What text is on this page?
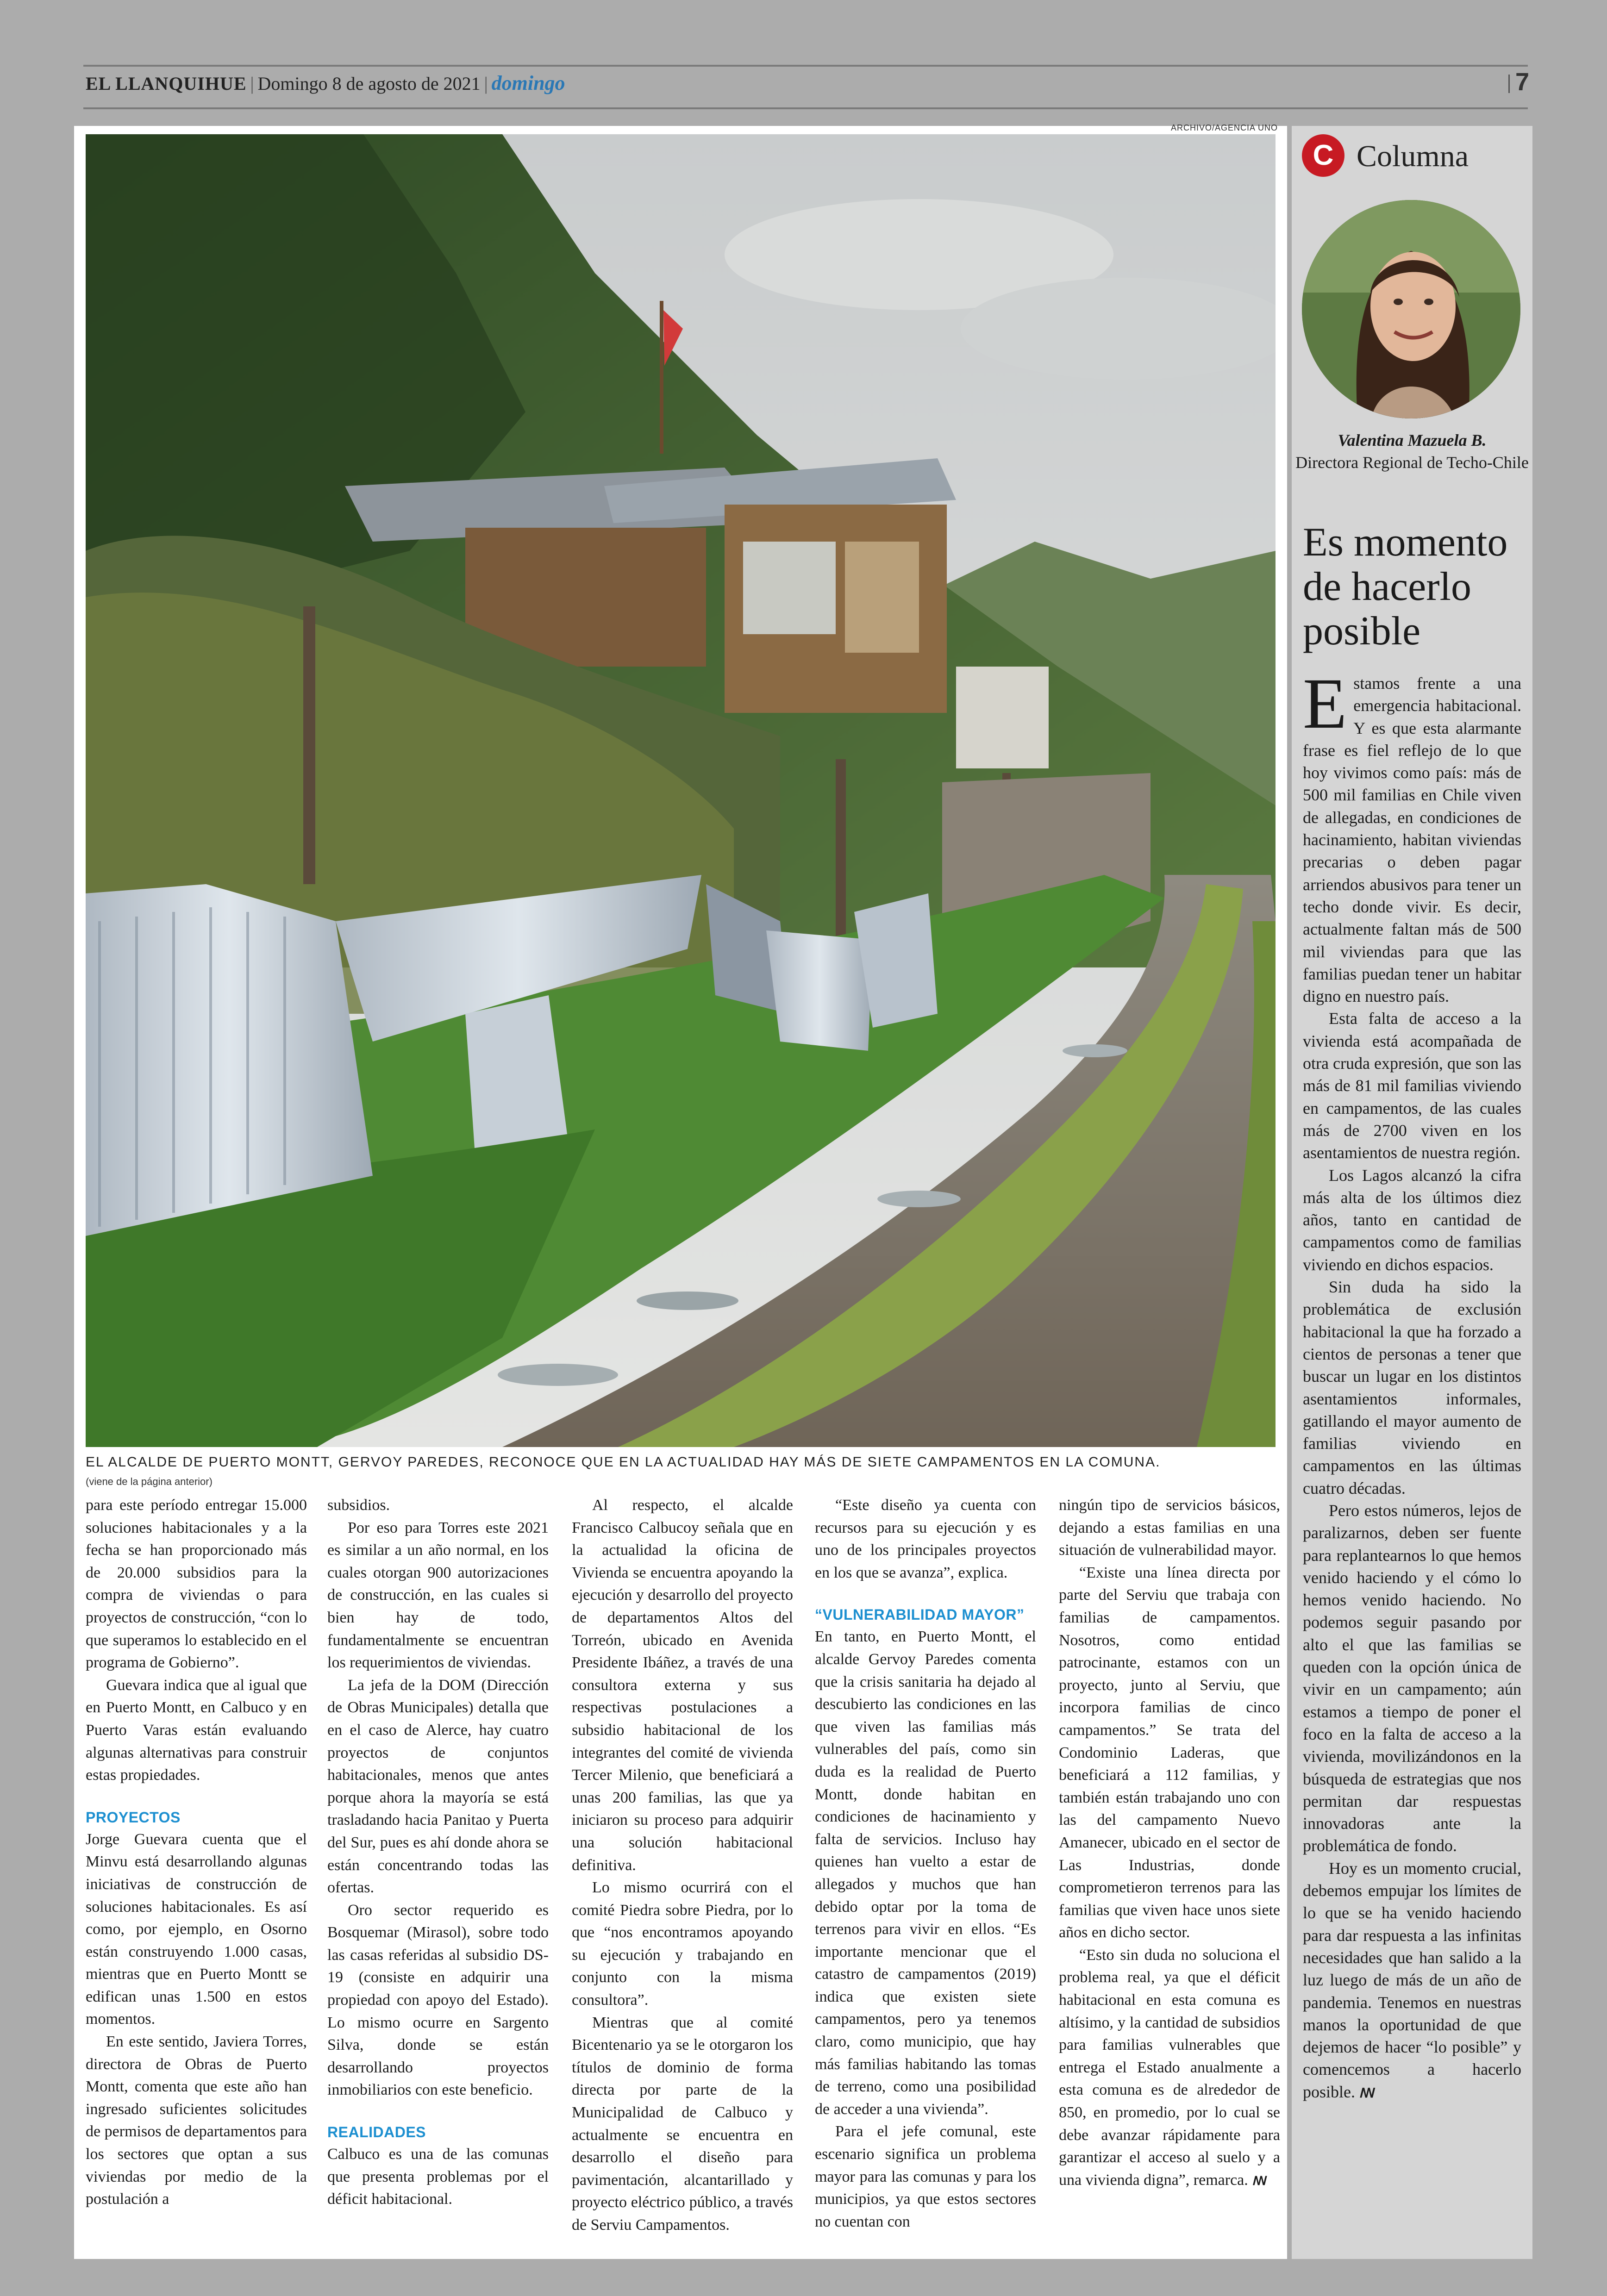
EL LLANQUIHUE | Domingo 8 de agosto de 2021 | domingo	7
ARCHIVO/AGENCIA UNO
EL ALCALDE DE PUERTO MONTT, GERVOY PAREDES, RECONOCE QUE EN LA ACTUALIDAD HAY MÁS DE SIETE CAMPAMENTOS EN LA COMUNA.
(viene de la página anterior)

para este período entregar 15.000 soluciones habitacionales y a la fecha se han proporcionado más de 20.000 subsidios para la compra de viviendas o para proyectos de construcción, “con lo que superamos lo establecido en el programa de Gobierno”.

Guevara indica que al igual que en Puerto Montt, en Calbuco y en Puerto Varas están evaluando algunas alternativas para construir estas propiedades.

PROYECTOS

Jorge Guevara cuenta que el Minvu está desarrollando algunas iniciativas de construcción de soluciones habitacionales. Es así como, por ejemplo, en Osorno están construyendo 1.000 casas, mientras que en Puerto Montt se edifican unas 1.500 en estos momentos.

En este sentido, Javiera Torres, directora de Obras de Puerto Montt, comenta que este año han ingresado suficientes solicitudes de permisos de departamentos para los sectores que optan a sus viviendas por medio de la postulación a

subsidios.

Por eso para Torres este 2021 es similar a un año normal, en los cuales otorgan 900 autorizaciones de construcción, en las cuales si bien hay de todo, fundamentalmente se encuentran los requerimientos de viviendas.

La jefa de la DOM (Dirección de Obras Municipales) detalla que en el caso de Alerce, hay cuatro proyectos de conjuntos habitacionales, menos que antes porque ahora la mayoría se está trasladando hacia Panitao y Puerta del Sur, pues es ahí donde ahora se están concentrando todas las ofertas.

Oro sector requerido es Bosquemar (Mirasol), sobre todo las casas referidas al subsidio DS-19 (consiste en adquirir una propiedad con apoyo del Estado). Lo mismo ocurre en Sargento Silva, donde se están desarrollando proyectos inmobiliarios con este beneficio.

REALIDADES

Calbuco es una de las comunas que presenta problemas por el déficit habitacional.

Al respecto, el alcalde Francisco Calbucoy señala que en la actualidad la oficina de Vivienda se encuentra apoyando la ejecución y desarrollo del proyecto de departamentos Altos del Torreón, ubicado en Avenida Presidente Ibáñez, a través de una consultora externa y sus respectivas postulaciones a subsidio habitacional de los integrantes del comité de vivienda Tercer Milenio, que beneficiará a unas 200 familias, las que ya iniciaron su proceso para adquirir una solución habitacional definitiva.

Lo mismo ocurrirá con el comité Piedra sobre Piedra, por lo que “nos encontramos apoyando su ejecución y trabajando en conjunto con la misma consultora”.

Mientras que al comité Bicentenario ya se le otorgaron los títulos de dominio de forma directa por parte de la Municipalidad de Calbuco y actualmente se encuentra en desarrollo el diseño para pavimentación, alcantarillado y proyecto eléctrico público, a través de Serviu Campamentos.

“Este diseño ya cuenta con recursos para su ejecución y es uno de los principales proyectos en los que se avanza”, explica.

“VULNERABILIDAD MAYOR”

En tanto, en Puerto Montt, el alcalde Gervoy Paredes comenta que la crisis sanitaria ha dejado al descubierto las condiciones en las que viven las familias más vulnerables del país, como sin duda es la realidad de Puerto Montt, donde habitan en condiciones de hacinamiento y falta de servicios. Incluso hay quienes han vuelto a estar de allegados y muchos que han debido optar por la toma de terrenos para vivir en ellos. “Es importante mencionar que el catastro de campamentos (2019) indica que existen siete campamentos, pero ya tenemos claro, como municipio, que hay más familias habitando las tomas de terreno, como una posibilidad de acceder a una vivienda”.

Para el jefe comunal, este escenario significa un problema mayor para las comunas y para los municipios, ya que estos sectores no cuentan con

ningún tipo de servicios básicos, dejando a estas familias en una situación de vulnerabilidad mayor.

“Existe una línea directa por parte del Serviu que trabaja con familias de campamentos. Nosotros, como entidad patrocinante, estamos con un proyecto, junto al Serviu, que incorpora familias de cinco campamentos.” Se trata del Condominio Laderas, que beneficiará a 112 familias, y también están trabajando uno con las del campamento Nuevo Amanecer, ubicado en el sector de Las Industrias, donde comprometieron terrenos para las familias que viven hace unos siete años en dicho sector.

“Esto sin duda no soluciona el problema real, ya que el déficit habitacional en esta comuna es altísimo, y la cantidad de subsidios para familias vulnerables que entrega el Estado anualmente a esta comuna es de alrededor de 850, en promedio, por lo cual se debe avanzar rápidamente para garantizar el acceso al suelo y a una vivienda digna”, remarca. ꟿ

C Columna
Valentina Mazuela B.
Directora Regional de Techo-Chile
Es momento de hacerlo posible

Estamos frente a una emergencia habitacional. Y es que esta alarmante frase es fiel reflejo de lo que hoy vivimos como país: más de 500 mil familias en Chile viven de allegadas, en condiciones de hacinamiento, habitan viviendas precarias o deben pagar arriendos abusivos para tener un techo donde vivir. Es decir, actualmente faltan más de 500 mil viviendas para que las familias puedan tener un habitar digno en nuestro país.

Esta falta de acceso a la vivienda está acompañada de otra cruda expresión, que son las más de 81 mil familias viviendo en campamentos, de las cuales más de 2700 viven en los asentamientos de nuestra región.

Los Lagos alcanzó la cifra más alta de los últimos diez años, tanto en cantidad de campamentos como de familias viviendo en dichos espacios.

Sin duda ha sido la problemática de exclusión habitacional la que ha forzado a cientos de personas a tener que buscar un lugar en los distintos asentamientos informales, gatillando el mayor aumento de familias viviendo en campamentos en las últimas cuatro décadas.

Pero estos números, lejos de paralizarnos, deben ser fuente para replantearnos lo que hemos venido haciendo y el cómo lo hemos venido haciendo. No podemos seguir pasando por alto el que las familias se queden con la opción única de vivir en un campamento; aún estamos a tiempo de poner el foco en la falta de acceso a la vivienda, movilizándonos en la búsqueda de estrategias que nos permitan dar respuestas innovadoras ante la problemática de fondo.

Hoy es un momento crucial, debemos empujar los límites de lo que se ha venido haciendo para dar respuesta a las infinitas necesidades que han salido a la luz luego de más de un año de pandemia. Tenemos en nuestras manos la oportunidad de que dejemos de hacer “lo posible” y comencemos a hacerlo posible. ꟿ
